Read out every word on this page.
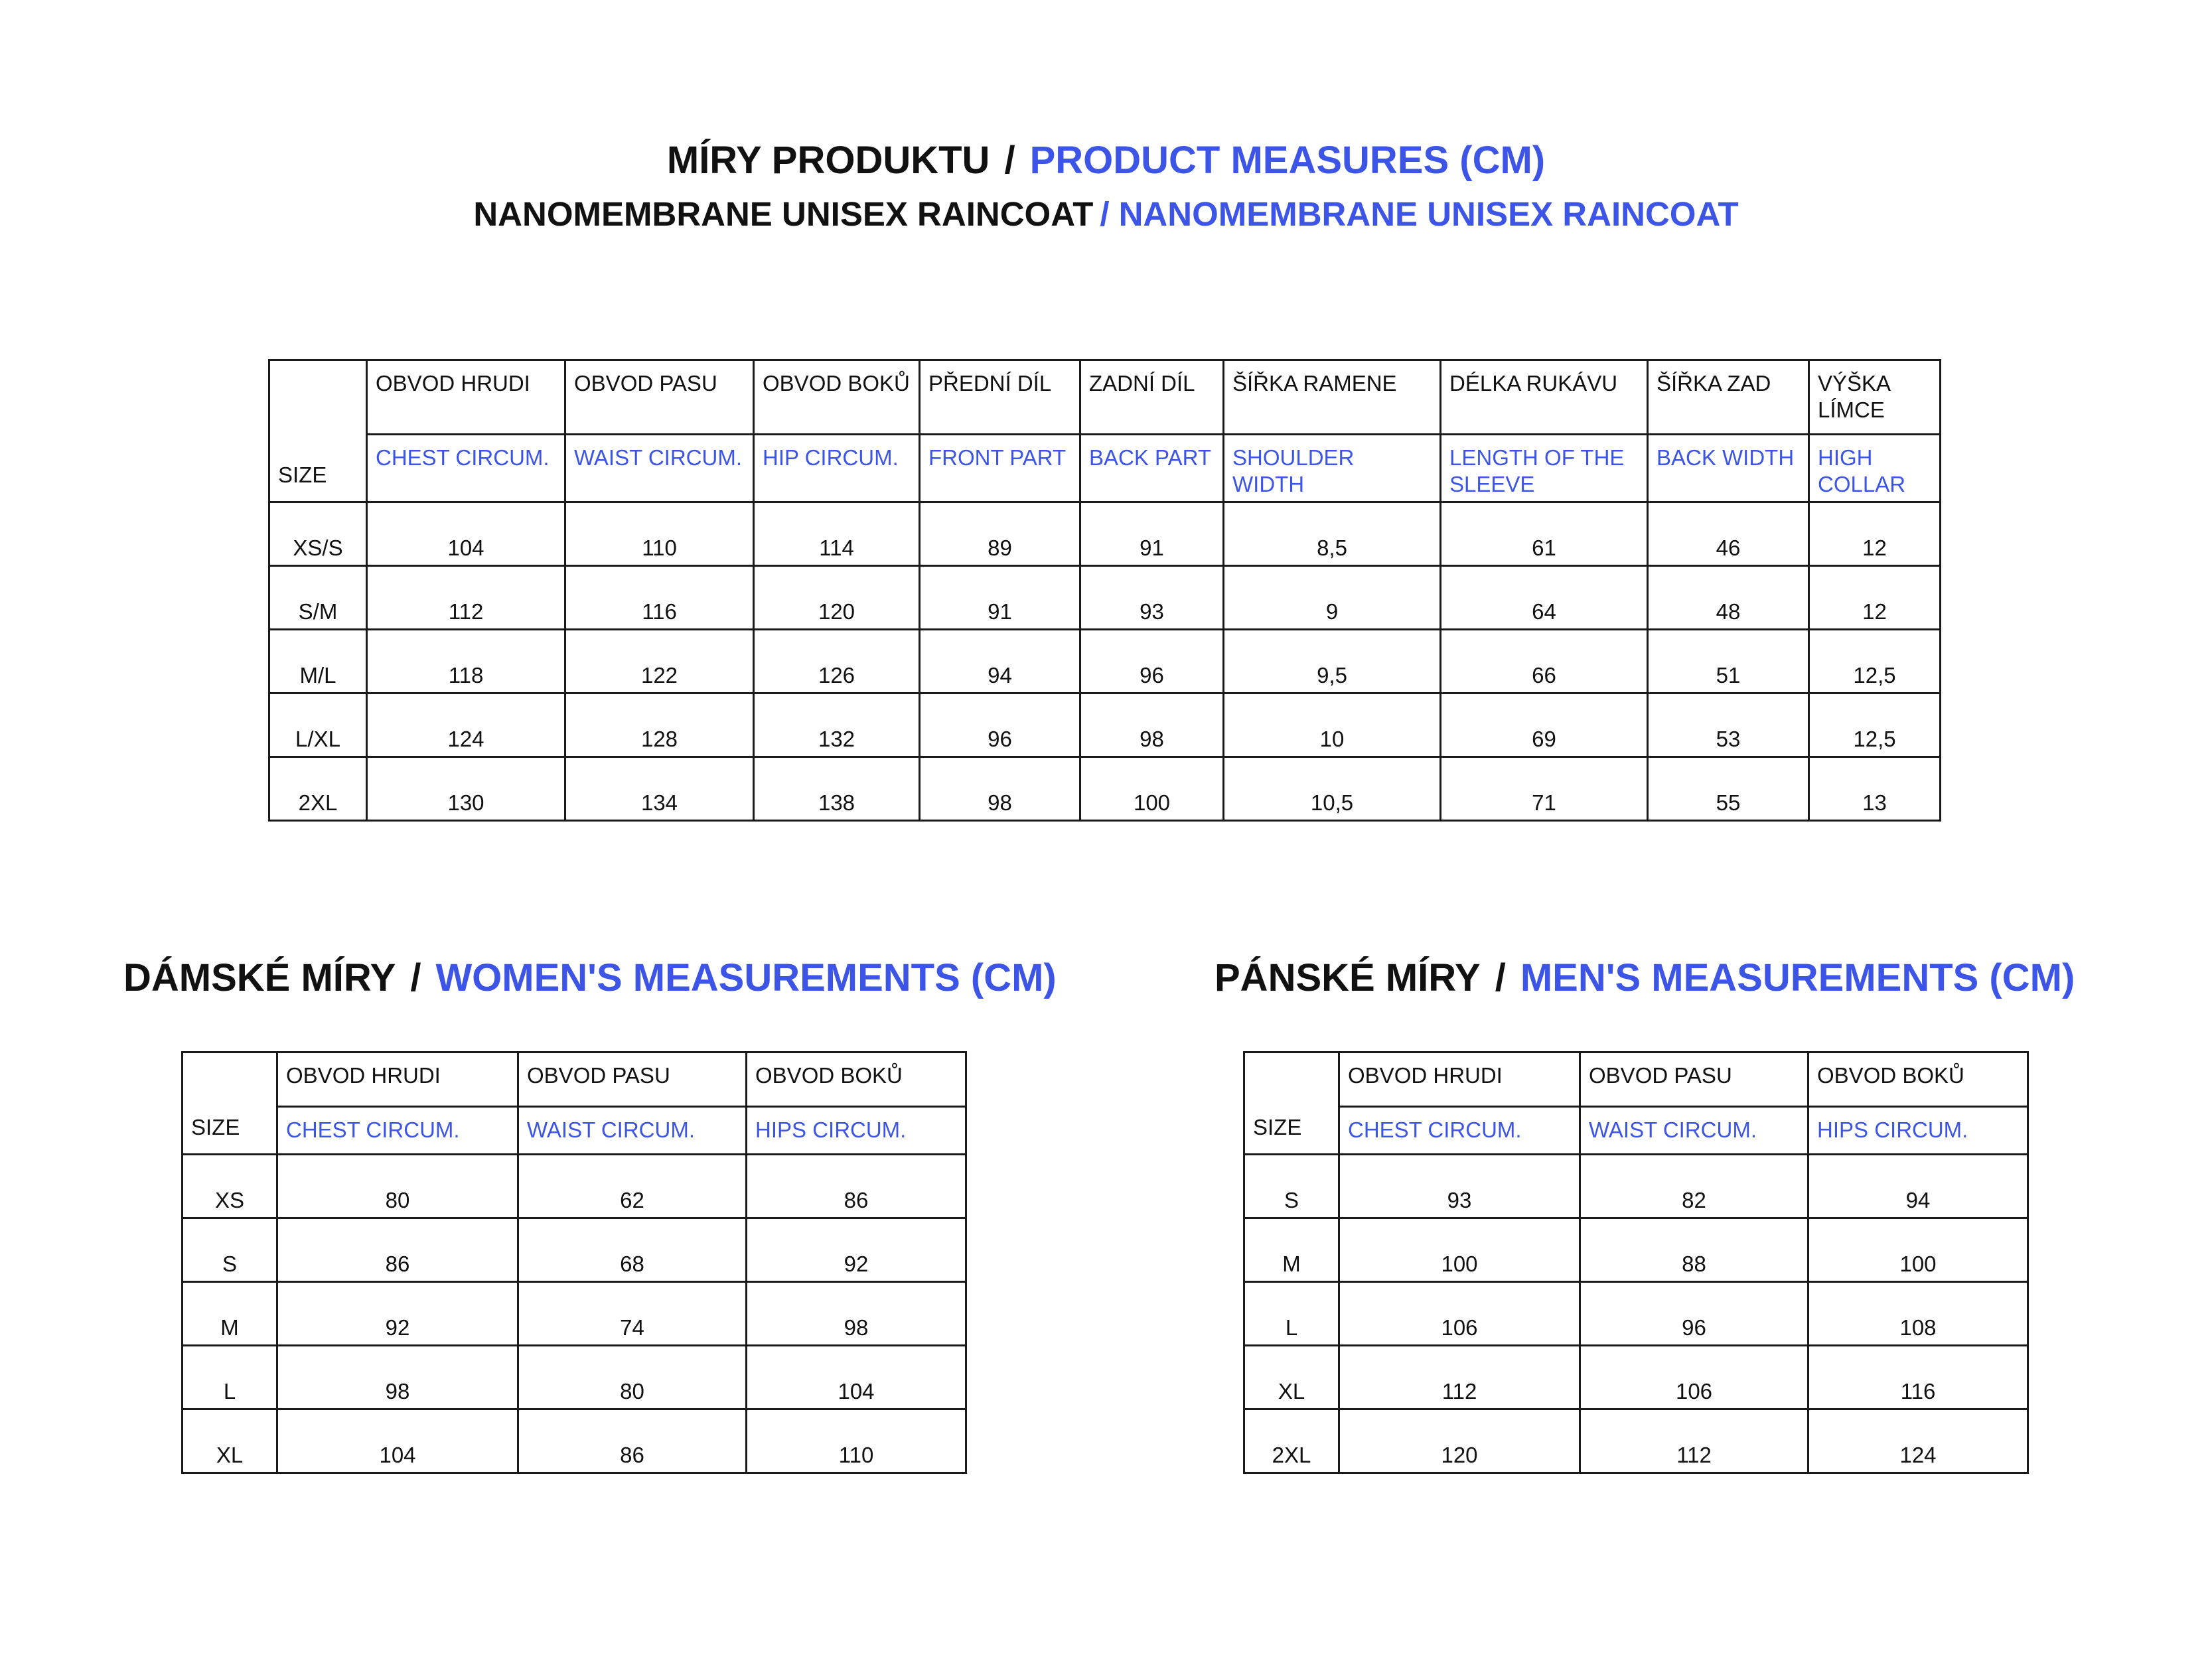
MÍRY PRODUKTU / PRODUCT MEASURES (CM)
NANOMEMBRANE UNISEX RAINCOAT / NANOMEMBRANE UNISEX RAINCOAT
SIZE	OBVOD HRUDI	OBVOD PASU	OBVOD BOKŮ	PŘEDNÍ DÍL	ZADNÍ DÍL	ŠÍŘKA RAMENE	DÉLKA RUKÁVU	ŠÍŘKA ZAD	VÝŠKA LÍMCE
	CHEST CIRCUM.	WAIST CIRCUM.	HIP CIRCUM.	FRONT PART	BACK PART	SHOULDER WIDTH	LENGTH OF THE SLEEVE	BACK WIDTH	HIGH COLLAR
XS/S	104	110	114	89	91	8,5	61	46	12
S/M	112	116	120	91	93	9	64	48	12
M/L	118	122	126	94	96	9,5	66	51	12,5
L/XL	124	128	132	96	98	10	69	53	12,5
2XL	130	134	138	98	100	10,5	71	55	13
DÁMSKÉ MÍRY / WOMEN'S MEASUREMENTS (CM)
SIZE	OBVOD HRUDI	OBVOD PASU	OBVOD BOKŮ
	CHEST CIRCUM.	WAIST CIRCUM.	HIPS CIRCUM.
XS	80	62	86
S	86	68	92
M	92	74	98
L	98	80	104
XL	104	86	110
PÁNSKÉ MÍRY / MEN'S MEASUREMENTS (CM)
SIZE	OBVOD HRUDI	OBVOD PASU	OBVOD BOKŮ
	CHEST CIRCUM.	WAIST CIRCUM.	HIPS CIRCUM.
S	93	82	94
M	100	88	100
L	106	96	108
XL	112	106	116
2XL	120	112	124
